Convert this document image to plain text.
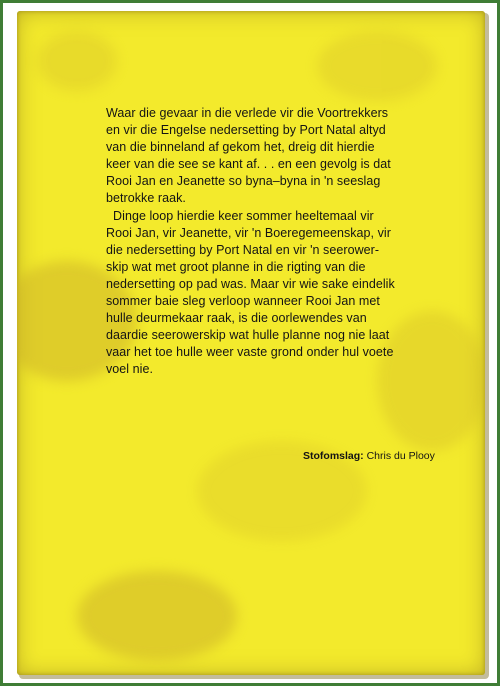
Waar die gevaar in die verlede vir die Voortrekkers
en vir die Engelse nedersetting by Port Natal altyd
van die binneland af gekom het, dreig dit hierdie
keer van die see se kant af. . . en een gevolg is dat
Rooi Jan en Jeanette so byna–byna in 'n seeslag
betrokke raak.
Dinge loop hierdie keer sommer heeltemaal vir
Rooi Jan, vir Jeanette, vir 'n Boeregemeenskap, vir
die nedersetting by Port Natal en vir 'n seerower-
skip wat met groot planne in die rigting van die
nedersetting op pad was. Maar vir wie sake eindelik
sommer baie sleg verloop wanneer Rooi Jan met
hulle deurmekaar raak, is die oorlewendes van
daardie seerowerskip wat hulle planne nog nie laat
vaar het toe hulle weer vaste grond onder hul voete
voel nie.
Stofomslag: Chris du Plooy
